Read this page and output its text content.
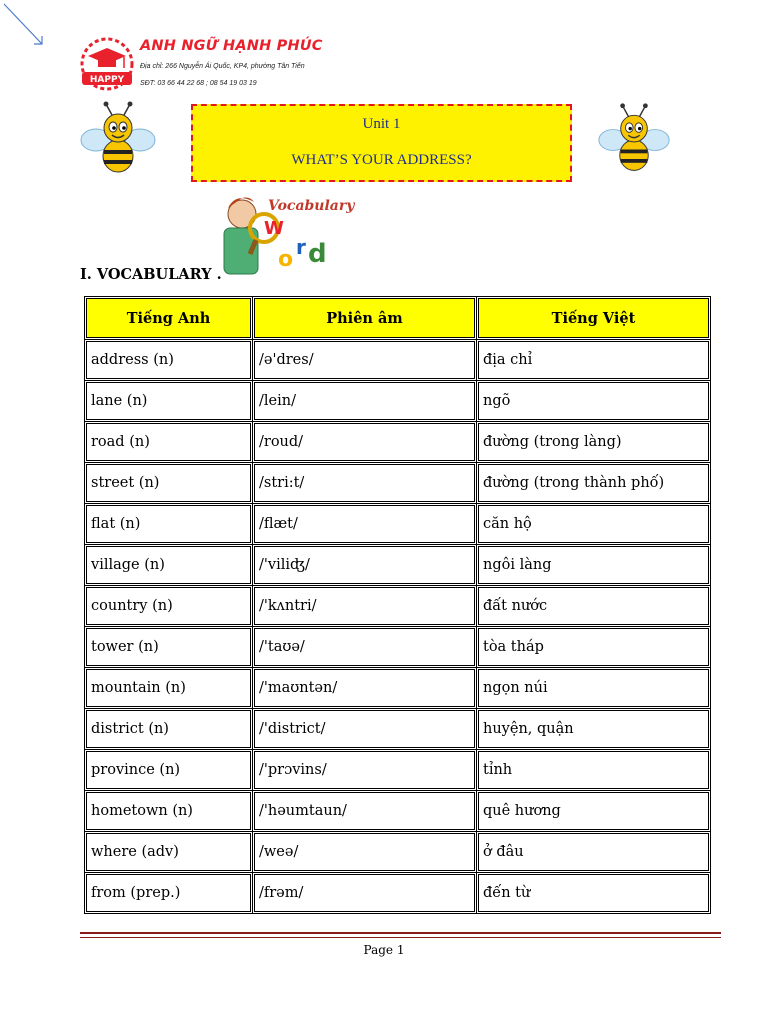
HAPPY
ANH NGỮ HẠNH PHÚC
Địa chỉ: 266 Nguyễn Ái Quốc, KP4, phường Tân Tiến
SĐT: 03 66 44 22 68 ; 08 54 19 03 19
Unit 1
WHAT’S YOUR ADDRESS?
Vocabulary
W
o r d
I. VOCABULARY .
Tiếng Anh	Phiên âm	Tiếng Việt
address (n)	/ə'dres/	địa chỉ
lane (n)	/lein/	ngõ
road (n)	/roud/	đường (trong làng)
street (n)	/stri:t/	đường (trong thành phố)
flat (n)	/flæt/	căn hộ
village (n)	/'viliʤ/	ngôi làng
country (n)	/'kʌntri/	đất nước
tower (n)	/'taʊə/	tòa tháp
mountain (n)	/'maʊntən/	ngọn núi
district (n)	/'district/	huyện, quận
province (n)	/'prɔvins/	tỉnh
hometown (n)	/'həumtaun/	quê hương
where (adv)	/weə/	ở đâu
from (prep.)	/frəm/	đến từ
Page 1
